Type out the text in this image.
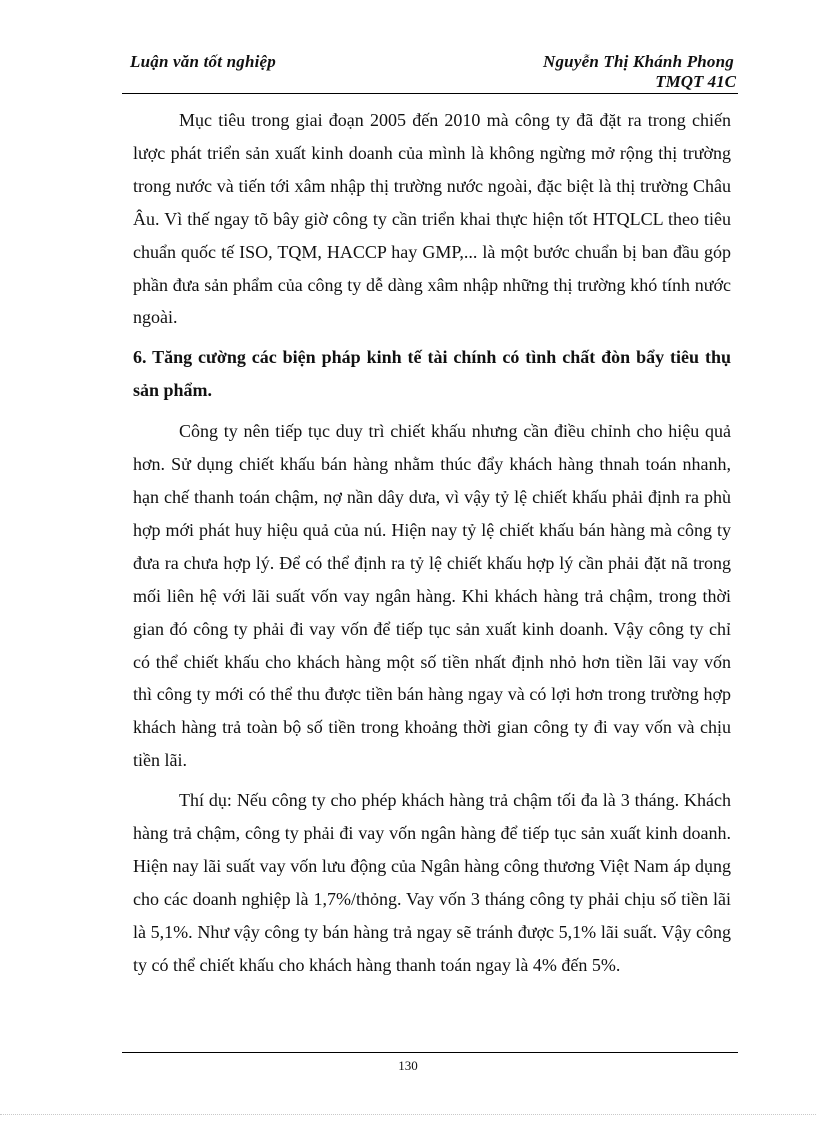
Luận văn tốt nghiệp	Nguyễn Thị Khánh Phong
TMQT 41C

Mục tiêu trong giai đoạn 2005 đến 2010 mà công ty đã đặt ra trong chiến lược phát triển sản xuất kinh doanh của mình là không ngừng mở rộng thị trường trong nước và tiến tới xâm nhập thị trường nước ngoài, đặc biệt là thị trường Châu Âu. Vì thế ngay tõ bây giờ công ty cần triển khai thực hiện tốt HTQLCL theo tiêu chuẩn quốc tế ISO, TQM, HACCP hay GMP,... là một bước chuẩn bị ban đầu góp phần đưa sản phẩm của công ty dễ dàng xâm nhập những thị trường khó tính nước ngoài.

6. Tăng cường các biện pháp kinh tế tài chính có tình chất đòn bẩy tiêu thụ sản phẩm.

Công ty nên tiếp tục duy trì chiết khấu nhưng cần điều chỉnh cho hiệu quả hơn. Sử dụng chiết khấu bán hàng nhằm thúc đẩy khách hàng thnah toán nhanh, hạn chế thanh toán chậm, nợ nần dây dưa, vì vậy tỷ lệ chiết khấu phải định ra phù hợp mới phát huy hiệu quả của nú. Hiện nay tỷ lệ chiết khấu bán hàng mà công ty đưa ra chưa hợp lý. Để có thể định ra tỷ lệ chiết khấu hợp lý cần phải đặt nã trong mối liên hệ với lãi suất vốn vay ngân hàng. Khi khách hàng trả chậm, trong thời gian đó công ty phải đi vay vốn để tiếp tục sản xuất kinh doanh. Vậy công ty chỉ có thể chiết khấu cho khách hàng một số tiền nhất định nhỏ hơn tiền lãi vay vốn thì công ty mới có thể thu được tiền bán hàng ngay và có lợi hơn trong trường hợp khách hàng trả toàn bộ số tiền trong khoảng thời gian công ty đi vay vốn và chịu tiền lãi.

Thí dụ: Nếu công ty cho phép khách hàng trả chậm tối đa là 3 tháng. Khách hàng trả chậm, công ty phải đi vay vốn ngân hàng để tiếp tục sản xuất kinh doanh. Hiện nay lãi suất vay vốn lưu động của Ngân hàng công thương Việt Nam áp dụng cho các doanh nghiệp là 1,7%/thỏng. Vay vốn 3 tháng công ty phải chịu số tiền lãi là 5,1%. Như vậy công ty bán hàng trả ngay sẽ tránh được 5,1% lãi suất. Vậy công ty có thể chiết khấu cho khách hàng thanh toán ngay là 4% đến 5%.

130
